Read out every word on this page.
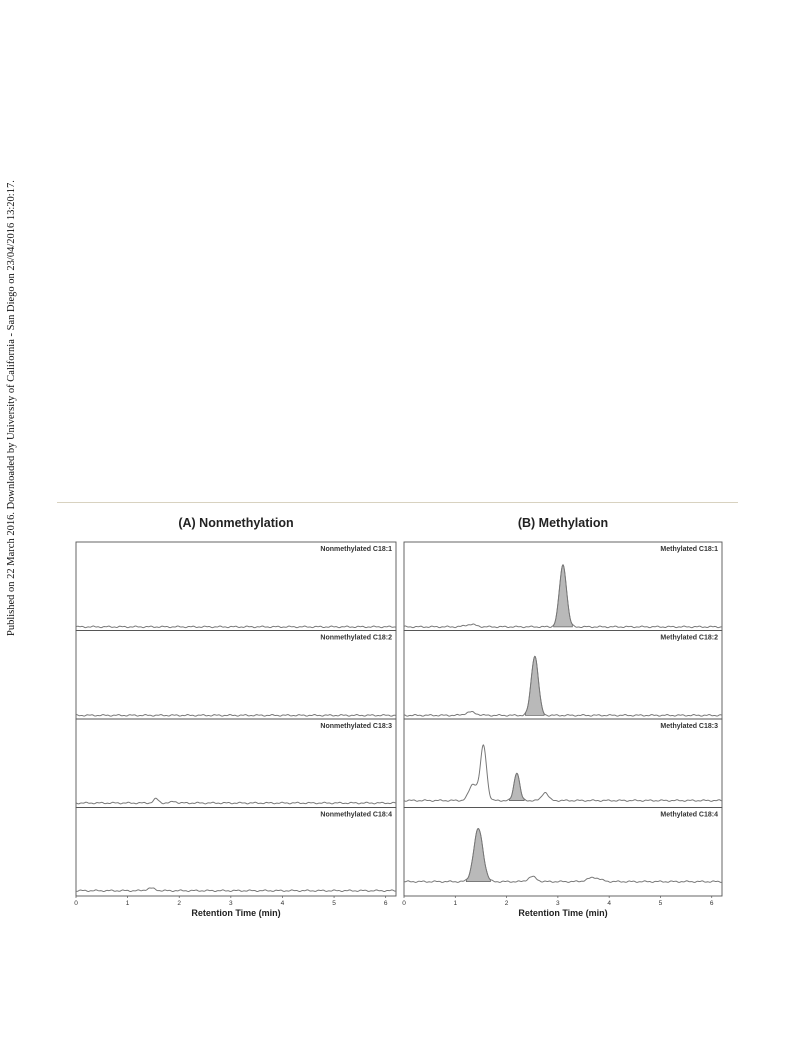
Published on 22 March 2016. Downloaded by University of California - San Diego on 23/04/2016 13:20:17.	(A) Nonmethylation
Nonmethylated C18:1
Nonmethylated C18:2
Nonmethylated C18:3
Nonmethylated C18:4
0	1	2	3	4	5	6
Retention Time (min)
(B) Methylation
Methylated C18:1
Methylated C18:2
Methylated C18:3
Methylated C18:4
0	1	2	3	4	5	6
Retention Time (min)
